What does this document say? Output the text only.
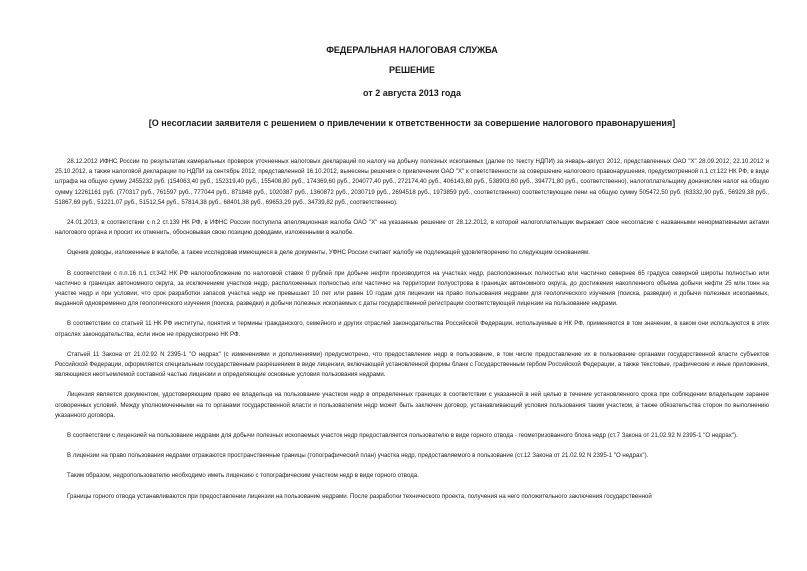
ФЕДЕРАЛЬНАЯ НАЛОГОВАЯ СЛУЖБА
РЕШЕНИЕ
от 2 августа 2013 года
[О несогласии заявителя с решением о привлечении к ответственности за совершение налогового правонарушения]

28.12.2012 ИФНС России по результатам камеральных проверок уточненных налоговых деклараций по налогу на добычу полезных ископаемых (далее по тексту НДПИ) за январь-август 2012, представленных ОАО "Х" 28.09.2012, 22.10.2012 и 25.10.2012, а также налоговой декларации по НДПИ за сентябрь 2012, представленной 16.10.2012, вынесены решения о привлечении ОАО "Х" к ответственности за совершение налогового правонарушения, предусмотренной п.1 ст.122 НК РФ, в виде штрафа на общую сумму 2455232 руб. (154063,40 руб., 152319,40 руб., 155408,80 руб., 174369,60 руб., 204077,40 руб., 272174,40 руб., 406143,80 руб., 538903,60 руб., 394771,80 руб., соответственно), налогоплательщику доначислен налог на общую сумму 12261161 руб. (770317 руб., 761597 руб., 777044 руб., 871848 руб., 1020387 руб., 1360872 руб., 2030719 руб., 2694518 руб., 1973859 руб., соответственно) соответствующие пени на общую сумму 505472,50 руб. (63332,90 руб., 56929,38 руб., 51867,69 руб., 51221,07 руб., 51512,54 руб., 57814,38 руб., 68401,38 руб., 69653,29 руб., 34739,82 руб., соответственно).

24.01.2013, в соответствии с п.2 ст.139 НК РФ, в ИФНС России поступила апелляционная жалоба ОАО "Х" на указанные решение от 28.12.2012, в которой налогоплательщик выражает свое несогласие с названными ненормативными актами налогового органа и просит их отменить, обосновывая свою позицию доводами, изложенными в жалобе.

Оценив доводы, изложенные в жалобе, а также исследовав имеющиеся в деле документы, УФНС России считает жалобу не подлежащей удовлетворению по следующим основаниям.

В соответствии с п.п.16 п.1 ст.342 НК РФ налогообложение по налоговой ставке 0 рублей при добыче нефти производится на участках недр, расположенных полностью или частично севернее 65 градуса северной широты полностью или частично в границах автономного округа, за исключением участков недр, расположенных полностью или частично на территории полуострова в границах автономного округа, до достижения накопленного объема добычи нефти 25 млн.тонн на участке недр и при условии, что срок разработки запасов участка недр не превышает 10 лет или равен 10 годам для лицензии на право пользования недрами для геологического изучения (поиска, разведки) и добычи полезных ископаемых, выданной одновременно для геологического изучения (поиска, разведки) и добычи полезных ископаемых с даты государственной регистрации соответствующей лицензии на пользование недрами.

В соответствии со статьей 11 НК РФ институты, понятия и термины гражданского, семейного и других отраслей законодательства Российской Федерации, используемые в НК РФ, применяются в том значении, в каком они используются в этих отраслях законодательства, если иное не предусмотрено НК РФ.

Статьей 11 Закона от 21.02.92 N 2395-1 "О недрах" (с изменениями и дополнениями) предусмотрено, что предоставление недр в пользование, в том числе предоставление их в пользование органами государственной власти субъектов Российской Федерации, оформляется специальным государственным разрешением в виде лицензии, включающей установленной формы бланк с Государственным гербом Российской Федерации, а также текстовые, графические и иные приложения, являющиеся неотъемлемой составной частью лицензии и определяющие основные условия пользования недрами.

Лицензия является документом, удостоверяющим право ее владельца на пользование участком недр в определенных границах в соответствии с указанной в ней целью в течение установленного срока при соблюдении владельцем заранее оговоренных условий. Между уполномоченными на то органами государственной власти и пользователем недр может быть заключен договор, устанавливающий условия пользования таким участком, а также обязательства сторон по выполнению указанного договора.

В соответствии с лицензией на пользование недрами для добычи полезных ископаемых участок недр предоставляется пользователю в виде горного отвода - геометризованного блока недр (ст.7 Закона от 21.02.92 N 2395-1 "О недрах").

В лицензии на право пользования недрами отражаются пространственные границы (топографический план) участка недр, предоставляемого в пользование (ст.12 Закона от 21.02.92 N 2395-1 "О недрах").

Таким образом, недропользователю необходимо иметь лицензию с топографическим участком недр в виде горного отвода.

Границы горного отвода устанавливаются при предоставлении лицензии на пользование недрами. После разработки технического проекта, получения на него положительного заключения государственной
